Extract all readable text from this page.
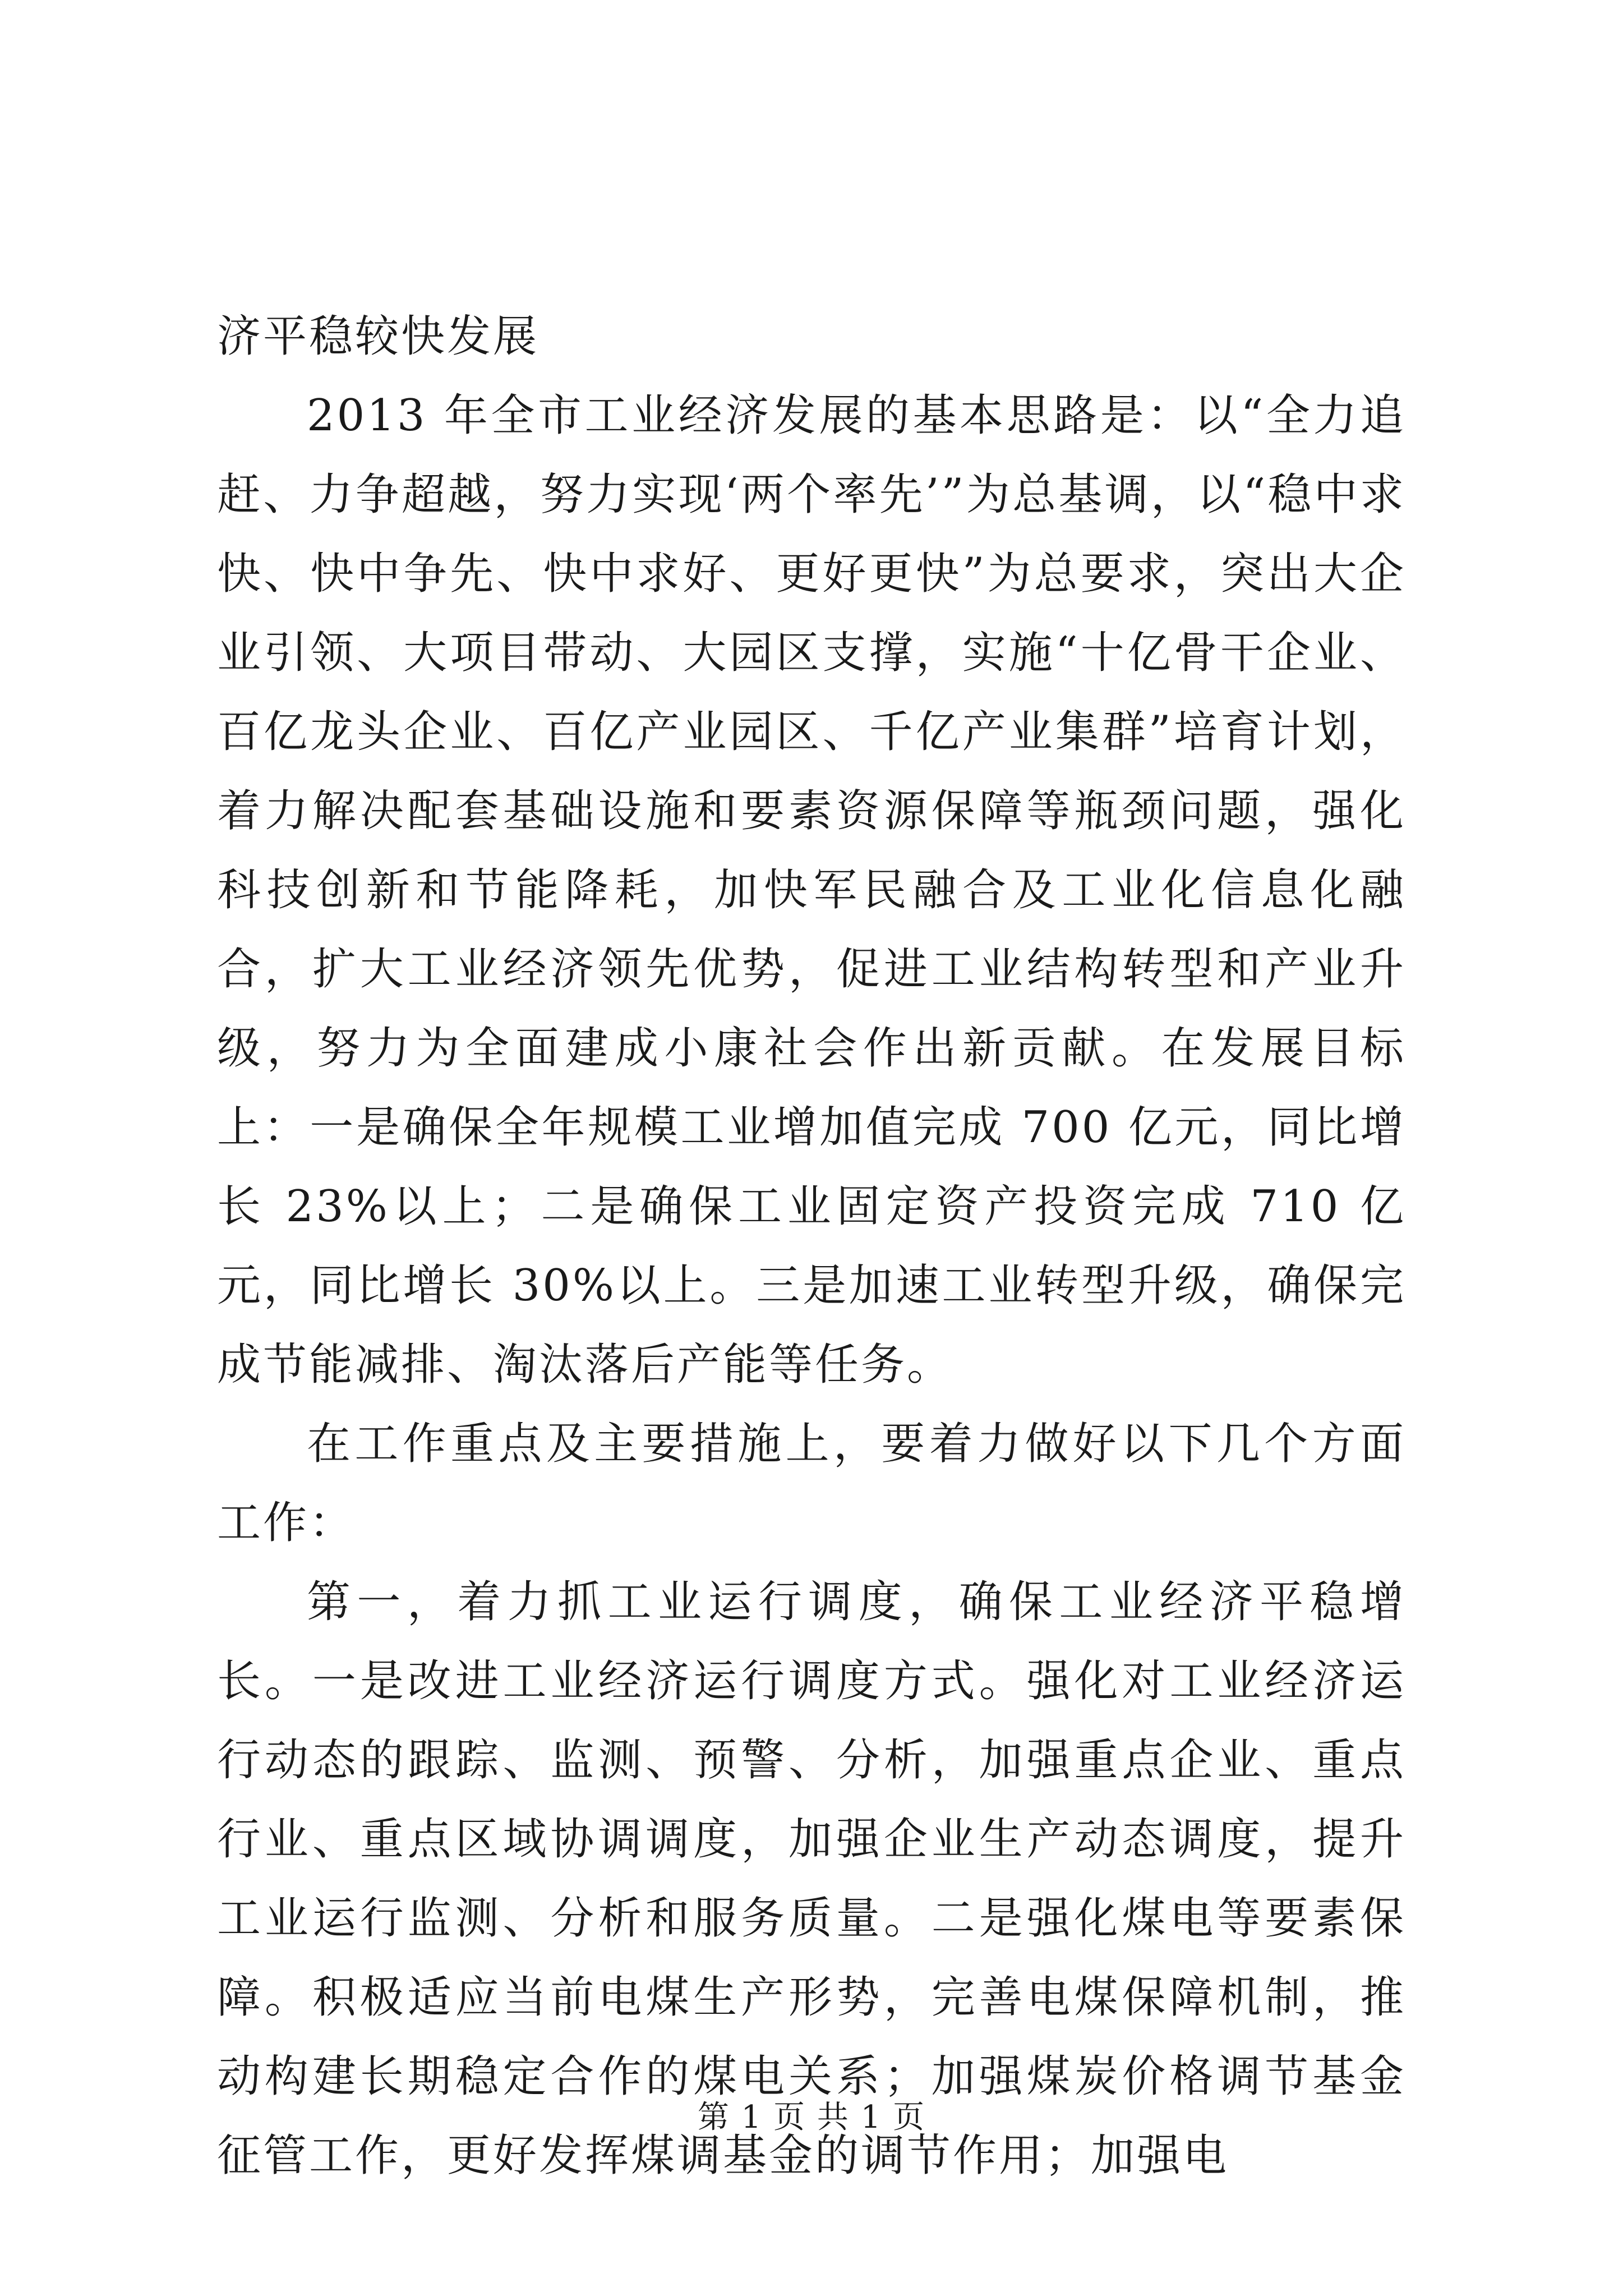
济平稳较快发展

2013 年全市工业经济发展的基本思路是：以“全力追赶、力争超越，努力实现‘两个率先’”为总基调，以“稳中求快、快中争先、快中求好、更好更快”为总要求，突出大企业引领、大项目带动、大园区支撑，实施“十亿骨干企业、百亿龙头企业、百亿产业园区、千亿产业集群”培育计划，着力解决配套基础设施和要素资源保障等瓶颈问题，强化科技创新和节能降耗，加快军民融合及工业化信息化融合，扩大工业经济领先优势，促进工业结构转型和产业升级，努力为全面建成小康社会作出新贡献。在发展目标上：一是确保全年规模工业增加值完成 700 亿元，同比增长 23%以上；二是确保工业固定资产投资完成 710 亿元，同比增长 30%以上。三是加速工业转型升级，确保完成节能减排、淘汰落后产能等任务。

在工作重点及主要措施上，要着力做好以下几个方面工作：

第一，着力抓工业运行调度，确保工业经济平稳增长。一是改进工业经济运行调度方式。强化对工业经济运行动态的跟踪、监测、预警、分析，加强重点企业、重点行业、重点区域协调调度，加强企业生产动态调度，提升工业运行监测、分析和服务质量。二是强化煤电等要素保障。积极适应当前电煤生产形势，完善电煤保障机制，推动构建长期稳定合作的煤电关系；加强煤炭价格调节基金征管工作，更好发挥煤调基金的调节作用；加强电

第 1 页 共 1 页
